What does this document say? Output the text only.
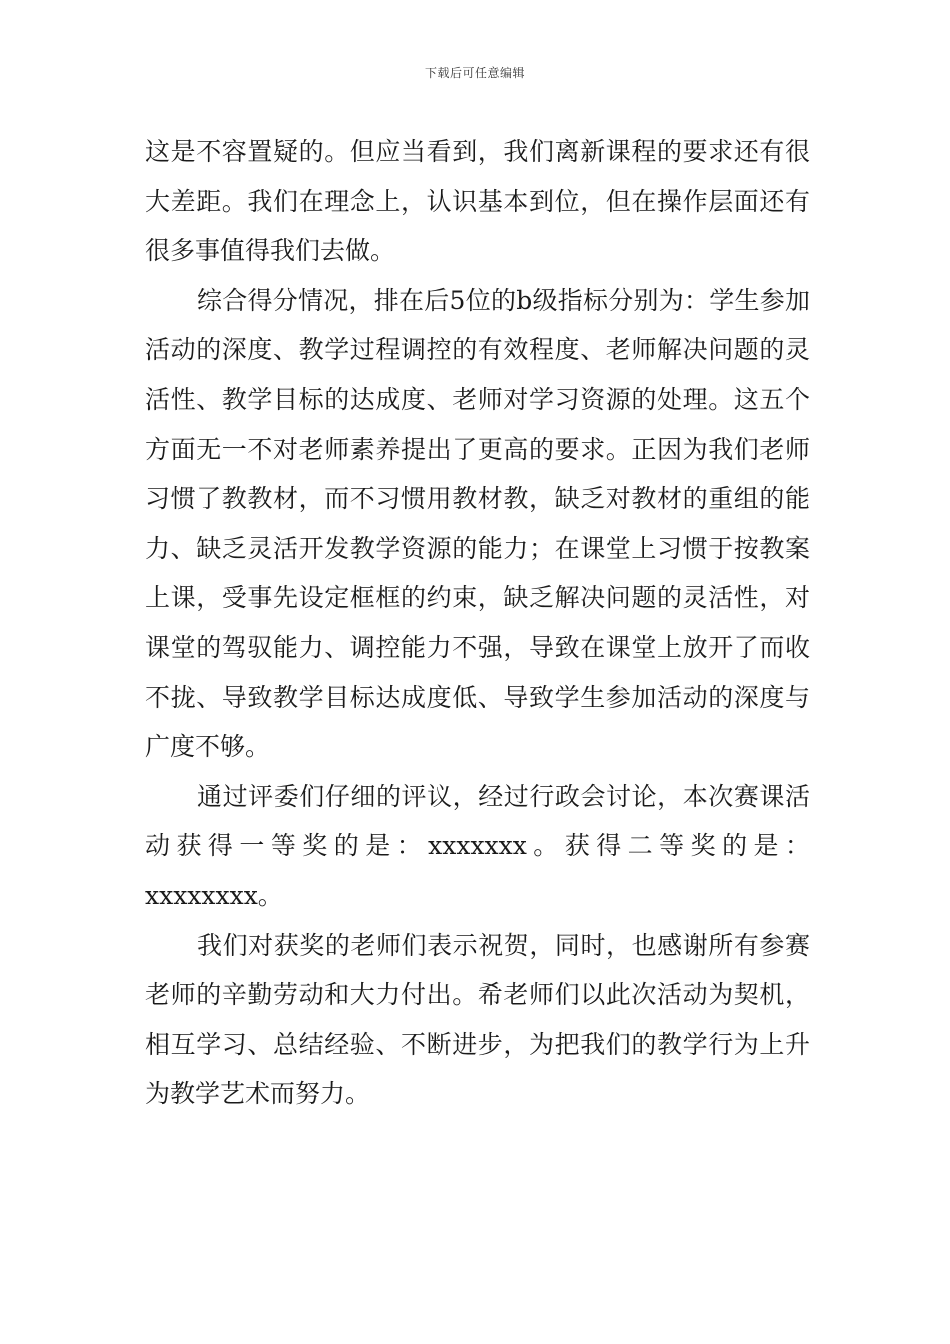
下载后可任意编辑

这是不容置疑的。但应当看到，我们离新课程的要求还有很大差距。我们在理念上，认识基本到位，但在操作层面还有很多事值得我们去做。

综合得分情况，排在后5位的b级指标分别为：学生参加活动的深度、教学过程调控的有效程度、老师解决问题的灵活性、教学目标的达成度、老师对学习资源的处理。这五个方面无一不对老师素养提出了更高的要求。正因为我们老师习惯了教教材，而不习惯用教材教，缺乏对教材的重组的能力、缺乏灵活开发教学资源的能力；在课堂上习惯于按教案上课，受事先设定框框的约束，缺乏解决问题的灵活性，对课堂的驾驭能力、调控能力不强，导致在课堂上放开了而收不拢、导致教学目标达成度低、导致学生参加活动的深度与广度不够。

通过评委们仔细的评议，经过行政会讨论，本次赛课活动获得一等奖的是：xxxxxxx。获得二等奖的是：xxxxxxxx。

我们对获奖的老师们表示祝贺，同时，也感谢所有参赛老师的辛勤劳动和大力付出。希老师们以此次活动为契机，相互学习、总结经验、不断进步，为把我们的教学行为上升为教学艺术而努力。
